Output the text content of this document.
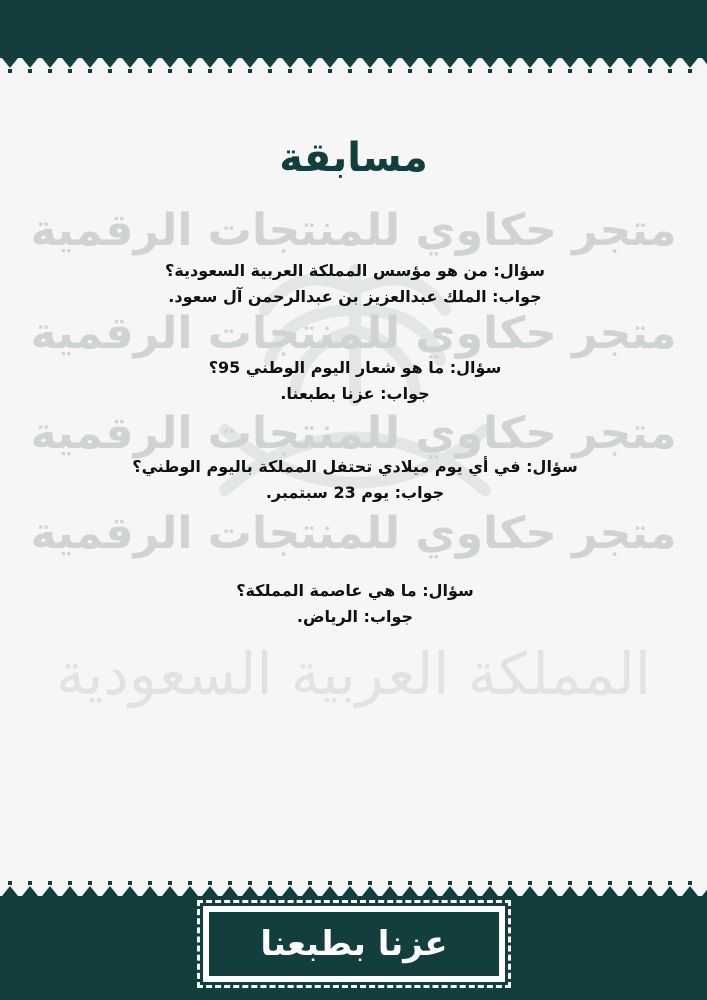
متجر حكاوي للمنتجات الرقمية
متجر حكاوي للمنتجات الرقمية
متجر حكاوي للمنتجات الرقمية
متجر حكاوي للمنتجات الرقمية
المملكة العربية السعودية
مسابقة
سؤال: من هو مؤسس المملكة العربية السعودية؟
جواب: الملك عبدالعزيز بن عبدالرحمن آل سعود.
سؤال: ما هو شعار اليوم الوطني 95؟
جواب: عزنا بطبعنا.
سؤال: في أي يوم ميلادي تحتفل المملكة باليوم الوطني؟
جواب: يوم 23 سبتمبر.
سؤال: ما هي عاصمة المملكة؟
جواب: الرياض.
عزنا بطبعنا
